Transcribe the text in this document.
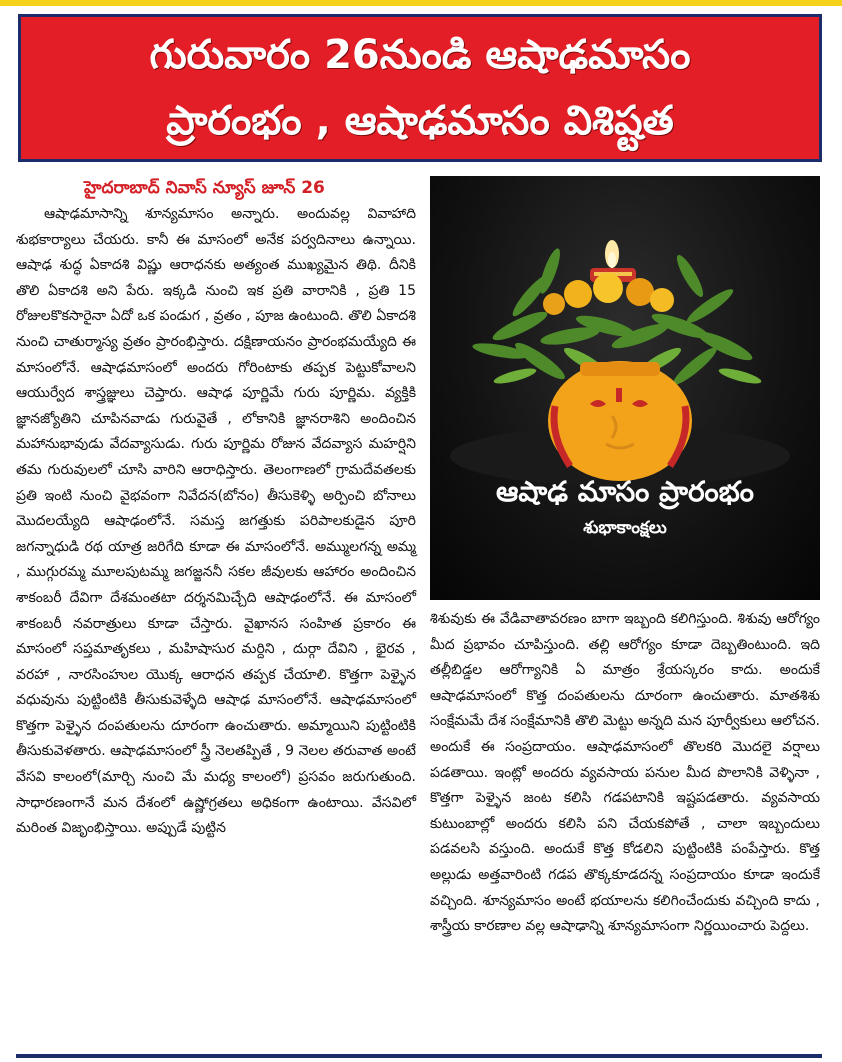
గురువారం 26నుండి ఆషాఢమాసం
ప్రారంభం , ఆషాఢమాసం విశిష్టత
హైదరాబాద్ నివాస్ న్యూస్ జూన్ 26
ఆషాఢమాసాన్ని శూన్యమాసం అన్నారు. అందువల్ల వివాహాది శుభకార్యాలు చేయరు. కానీ ఈ మాసంలో అనేక పర్వదినాలు ఉన్నాయి. ఆషాఢ శుద్ధ ఏకాదశి విష్ణు ఆరాధనకు అత్యంత ముఖ్యమైన తిథి. దీనికి తొలి ఏకాదశి అని పేరు. ఇక్కడి నుంచి ఇక ప్రతి వారానికి , ప్రతి 15 రోజులకొకసారైనా ఏదో ఒక పండుగ , వ్రతం , పూజ ఉంటుంది. తొలి ఏకాదశి నుంచి చాతుర్మాస్య వ్రతం ప్రారంభిస్తారు. దక్షిణాయనం ప్రారంభమయ్యేది ఈ మాసంలోనే. ఆషాఢమాసంలో అందరు గోరింటాకు తప్పక పెట్టుకోవాలని ఆయుర్వేద శాస్త్రజ్ఞులు చెప్తారు. ఆషాఢ పూర్ణిమే గురు పూర్ణిమ. వ్యక్తికి జ్ఞానజ్యోతిని చూపినవాడు గురువైతే , లోకానికి జ్ఞానరాశిని అందించిన మహానుభావుడు వేదవ్యాసుడు. గురు పూర్ణిమ రోజున వేదవ్యాస మహర్షిని తమ గురువులలో చూసి వారిని ఆరాధిస్తారు. తెలంగాణలో గ్రామదేవతలకు ప్రతి ఇంటి నుంచి వైభవంగా నివేదన(బోనం) తీసుకెళ్ళి అర్పించి బోనాలు మొదలయ్యేది ఆషాఢంలోనే. సమస్త జగత్తుకు పరిపాలకుడైన పూరి జగన్నాధుడి రథ యాత్ర జరిగేది కూడా ఈ మాసంలోనే. అమ్ములగన్న అమ్మ , ముగ్గురమ్మ మూలపుటమ్మ జగజ్జననీ సకల జీవులకు ఆహారం అందించిన శాకంబరీ దేవిగా దేశమంతటా దర్శనమిచ్చేది ఆషాఢంలోనే. ఈ మాసంలో శాకంబరీ నవరాత్రులు కూడా చేస్తారు. వైఖానస సంహిత ప్రకారం ఈ మాసంలో సప్తమాతృకలు , మహిషాసుర మర్దిని , దుర్గా దేవిని , భైరవ , వరహా , నారసింహుల యొక్క ఆరాధన తప్పక చేయాలి. కొత్తగా పెళ్ళైన వధువును పుట్టింటికి తీసుకువెళ్ళేది ఆషాఢ మాసంలోనే. ఆషాఢమాసంలో కొత్తగా పెళ్ళైన దంపతులను దూరంగా ఉంచుతారు. అమ్మాయిని పుట్టింటికి తీసుకువెళతారు. ఆషాఢమాసంలో స్త్రీ నెలతప్పితే , 9 నెలల తరువాత అంటే వేసవి కాలంలో(మార్చి నుంచి మే మధ్య కాలంలో) ప్రసవం జరుగుతుంది. సాధారణంగానే మన దేశంలో ఉష్ణోగ్రతలు అధికంగా ఉంటాయి. వేసవిలో మరింత విజృంభిస్తాయి. అప్పుడే పుట్టిన
ఆషాఢ మాసం ప్రారంభం
శుభాకాంక్షలు
శిశువుకు ఈ వేడివాతావరణం బాగా ఇబ్బంది కలిగిస్తుంది. శిశువు ఆరోగ్యం మీద ప్రభావం చూపిస్తుంది. తల్లి ఆరోగ్యం కూడా దెబ్బతింటుంది. ఇది తల్లీబిడ్డల ఆరోగ్యానికి ఏ మాత్రం శ్రేయస్కరం కాదు. అందుకే ఆషాఢమాసంలో కొత్త దంపతులను దూరంగా ఉంచుతారు. మాతశిశు సంక్షేమమే దేశ సంక్షేమానికి తొలి మెట్టు అన్నది మన పూర్వీకులు ఆలోచన. అందుకే ఈ సంప్రదాయం. ఆషాఢమాసంలో తొలకరి మొదలై వర్షాలు పడతాయి. ఇంట్లో అందరు వ్యవసాయ పనుల మీద పొలానికి వెళ్ళినా , కొత్తగా పెళ్ళైన జంట కలిసి గడపటానికి ఇష్టపడతారు. వ్యవసాయ కుటుంబాల్లో అందరు కలిసి పని చేయకపోతే , చాలా ఇబ్బందులు పడవలసి వస్తుంది. అందుకే కొత్త కోడలిని పుట్టింటికి పంపేస్తారు. కొత్త అల్లుడు అత్తవారింటి గడప తొక్కకూడదన్న సంప్రదాయం కూడా ఇందుకే వచ్చింది. శూన్యమాసం అంటే భయాలను కలిగించేందుకు వచ్చింది కాదు , శాస్త్రీయ కారణాల వల్ల ఆషాఢాన్ని శూన్యమాసంగా నిర్ణయించారు పెద్దలు.
